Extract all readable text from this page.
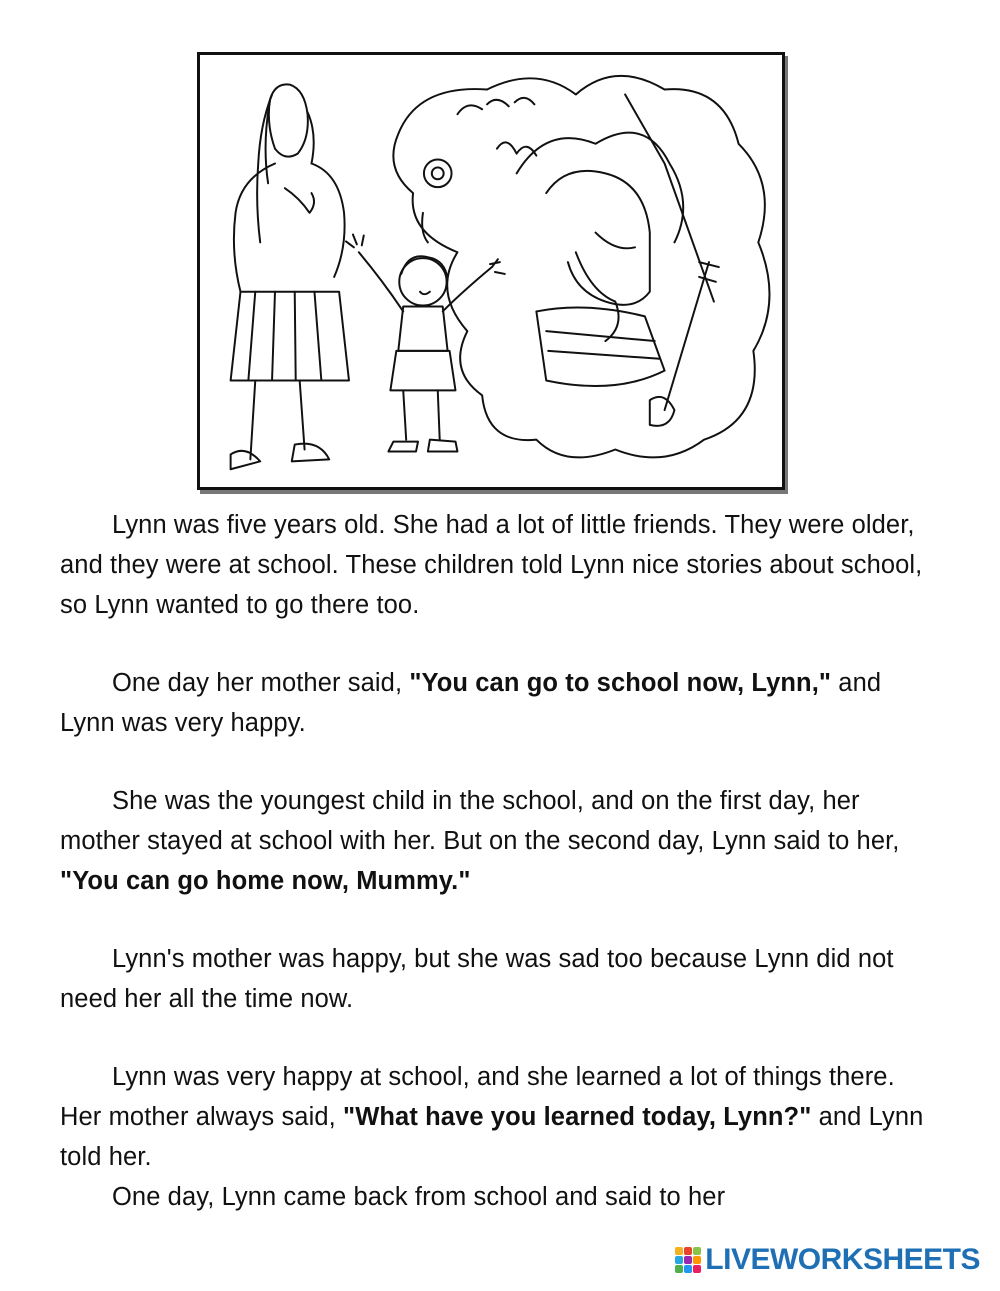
Lynn was five years old. She had a lot of little friends. They were older, and they were at school. These children told Lynn nice stories about school, so Lynn wanted to go there too.

One day her mother said, "You can go to school now, Lynn," and Lynn was very happy.

She was the youngest child in the school, and on the first day, her mother stayed at school with her. But on the second day, Lynn said to her, "You can go home now, Mummy."

Lynn's mother was happy, but she was sad too because Lynn did not need her all the time now.

Lynn was very happy at school, and she learned a lot of things there. Her mother always said, "What have you learned today, Lynn?" and Lynn told her.

One day, Lynn came back from school and said to her

LIVEWORKSHEETS
